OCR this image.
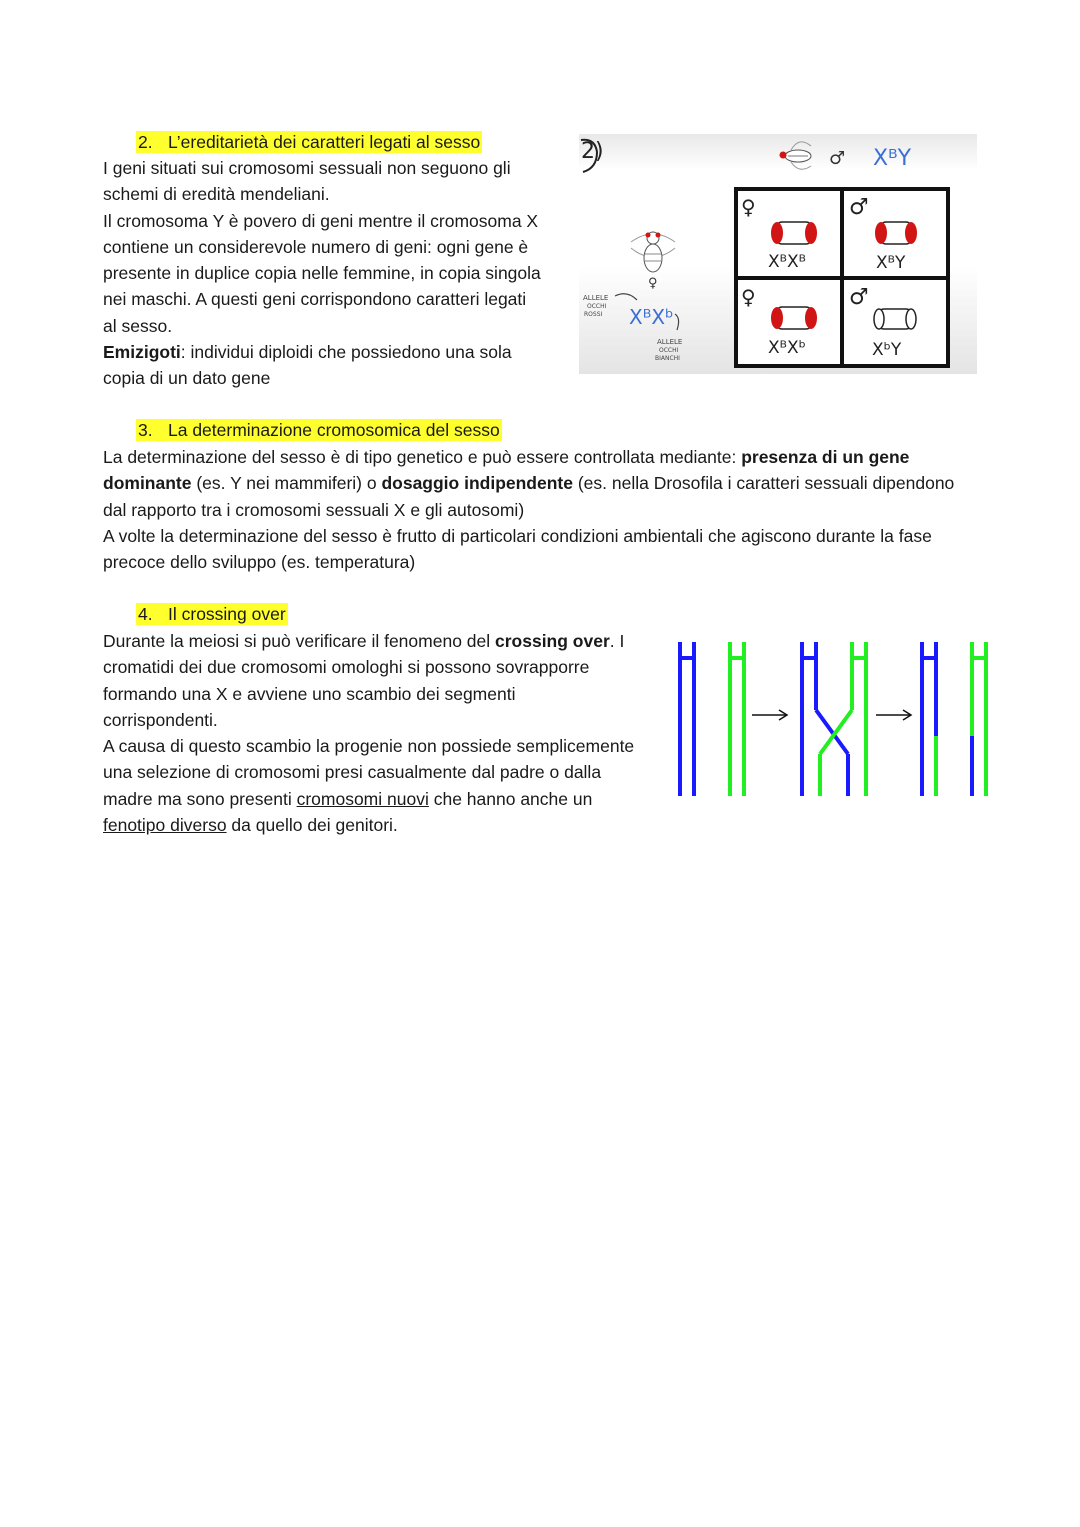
2. L’ereditarietà dei caratteri legati al sesso
I geni situati sui cromosomi sessuali non seguono gli
schemi di eredità mendeliani.
Il cromosoma Y è povero di geni mentre il cromosoma X
contiene un considerevole numero di geni: ogni gene è
presente in duplice copia nelle femmine, in copia singola
nei maschi. A questi geni corrispondono caratteri legati
al sesso.
Emizigoti: individui diploidi che possiedono una sola
copia di un dato gene
2)	♂ XᴮY
♀
ALLELE
OCCHI
ROSSI XᴮXᵇ
ALLELE
OCCHI
BIANCHI
♀
XᴮXᴮ
♂
XᴮY
♀
XᴮXᵇ
♂
XᵇY
3. La determinazione cromosomica del sesso
La determinazione del sesso è di tipo genetico e può essere controllata mediante: presenza di un gene
dominante (es. Y nei mammiferi) o dosaggio indipendente (es. nella Drosofila i caratteri sessuali dipendono
dal rapporto tra i cromosomi sessuali X e gli autosomi)
A volte la determinazione del sesso è frutto di particolari condizioni ambientali che agiscono durante la fase
precoce dello sviluppo (es. temperatura)
4. Il crossing over
Durante la meiosi si può verificare il fenomeno del crossing over. I
cromatidi dei due cromosomi omologhi si possono sovrapporre
formando una X e avviene uno scambio dei segmenti
corrispondenti.
A causa di questo scambio la progenie non possiede semplicemente
una selezione di cromosomi presi casualmente dal padre o dalla
madre ma sono presenti cromosomi nuovi che hanno anche un
fenotipo diverso da quello dei genitori.
